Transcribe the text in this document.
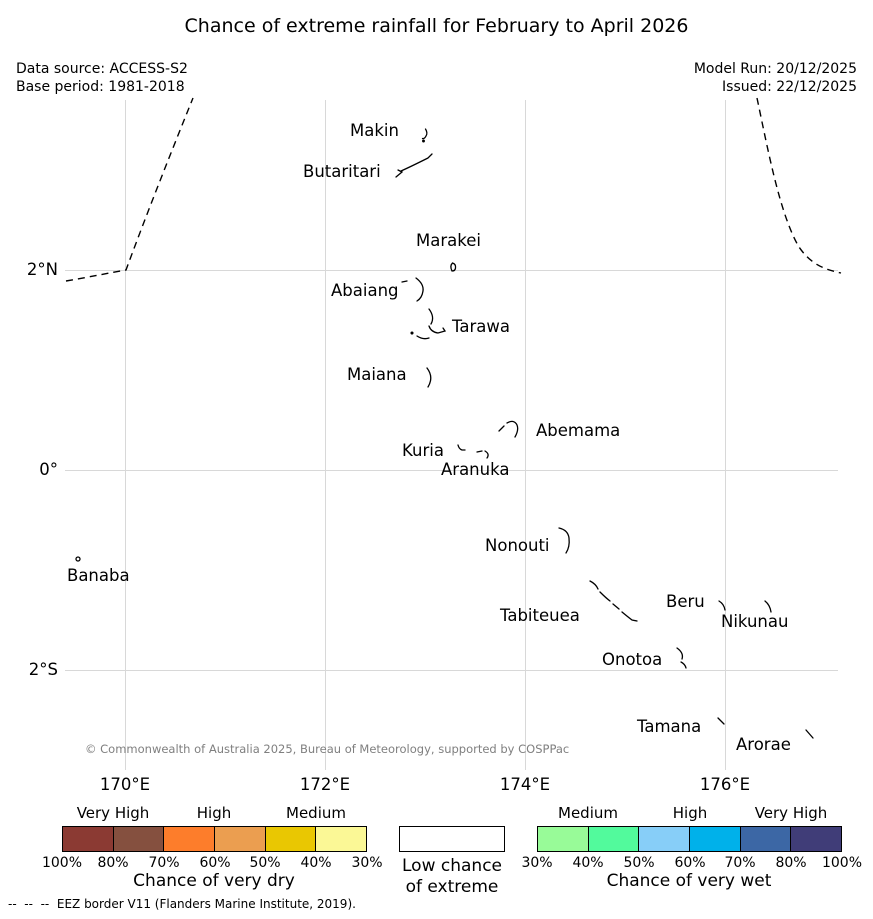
Chance of extreme rainfall for February to April 2026
Data source: ACCESS-S2
Base period: 1981-2018
Model Run: 20/12/2025
Issued: 22/12/2025
2°N
0°
2°S
170°E	172°E	174°E	176°E
Makin
Butaritari
Marakei
Abaiang
Tarawa
Maiana
Abemama
Kuria
Aranuka
Nonouti
Banaba
Tabiteuea
Beru
Nikunau
Onotoa
Tamana
Arorae
© Commonwealth of Australia 2025, Bureau of Meteorology, supported by COSPPac
Very High	High	Medium
100%	80%	70%	60%	50%	40%	30%
Chance of very dry
Low chance
of extreme
Medium	High	Very High
30%	40%	50%	60%	70%	80%	100%
Chance of very wet
--  --  --  EEZ border V11 (Flanders Marine Institute, 2019).
